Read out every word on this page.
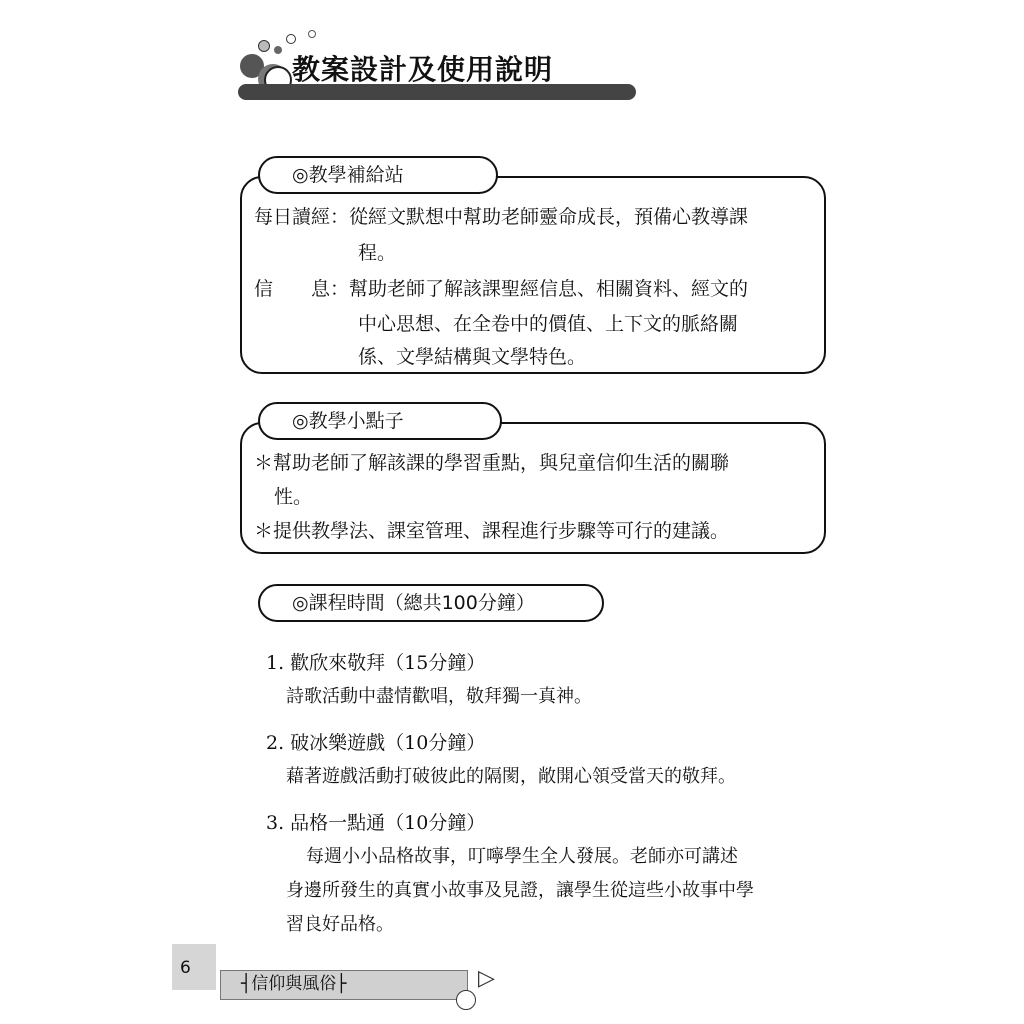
教案設計及使用說明
◎教學補給站
每日讀經：從經文默想中幫助老師靈命成長，預備心教導課
程。
信　　息：幫助老師了解該課聖經信息、相關資料、經文的
中心思想、在全卷中的價值、上下文的脈絡關
係、文學結構與文學特色。
◎教學小點子
＊幫助老師了解該課的學習重點，與兒童信仰生活的關聯
性。
＊提供教學法、課室管理、課程進行步驟等可行的建議。
◎課程時間（總共100分鐘）
1. 歡欣來敬拜（15分鐘）
詩歌活動中盡情歡唱，敬拜獨一真神。
2. 破冰樂遊戲（10分鐘）
藉著遊戲活動打破彼此的隔閡，敞開心領受當天的敬拜。
3. 品格一點通（10分鐘）
每週小小品格故事，叮嚀學生全人發展。老師亦可講述
身邊所發生的真實小故事及見證，讓學生從這些小故事中學
習良好品格。
6
┤信仰與風俗├	▷
